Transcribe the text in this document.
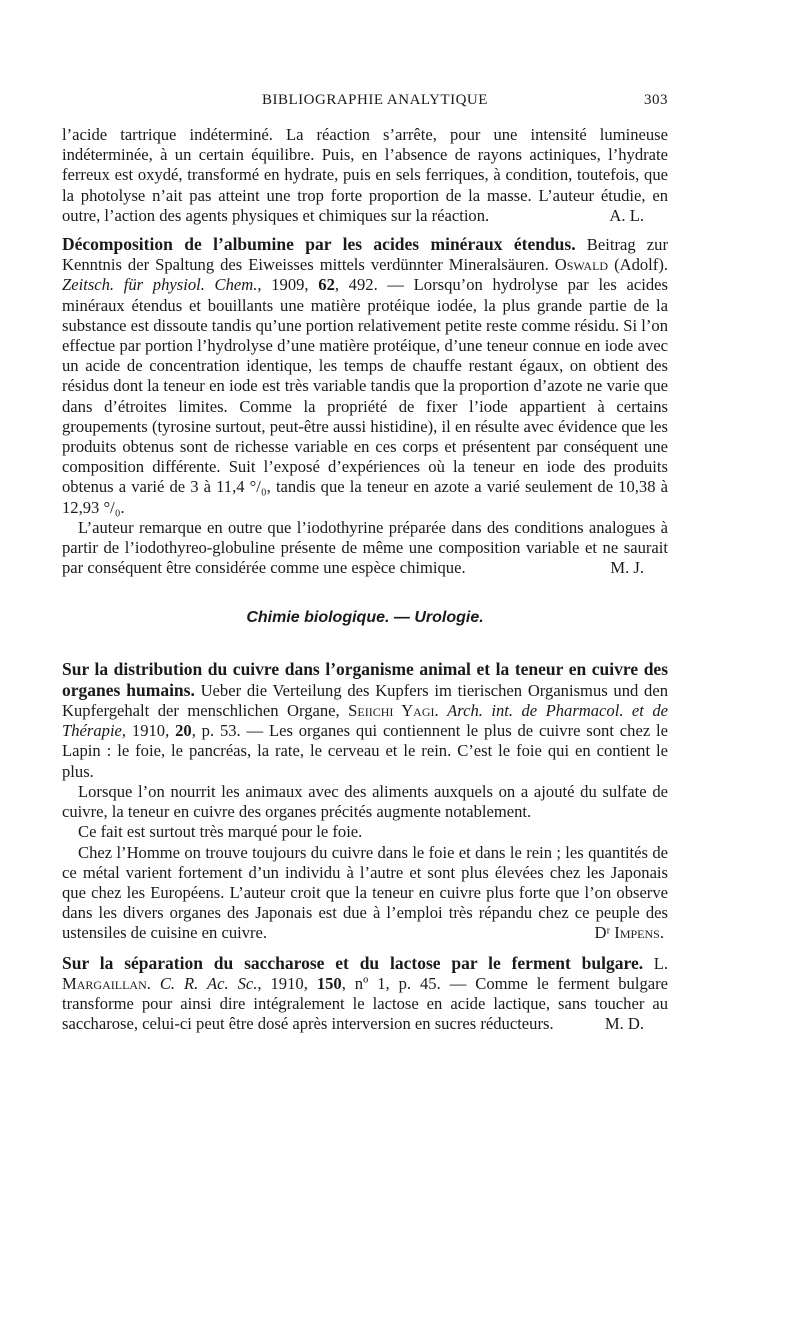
BIBLIOGRAPHIE ANALYTIQUE	303

l’acide tartrique indéterminé. La réaction s’arrête, pour une intensité lumineuse indéterminée, à un certain équilibre. Puis, en l’absence de rayons actiniques, l’hydrate ferreux est oxydé, transformé en hydrate, puis en sels ferriques, à condition, toutefois, que la photolyse n’ait pas atteint une trop forte proportion de la masse. L’auteur étudie, en outre, l’action des agents physiques et chimiques sur la réaction.	A. L.

Décomposition de l’albumine par les acides minéraux étendus. Beitrag zur Kenntnis der Spaltung des Eiweisses mittels verdünnter Mineralsäuren. Oswald (Adolf). Zeitsch. für physiol. Chem., 1909, 62, 492. — Lorsqu’on hydrolyse par les acides minéraux étendus et bouillants une matière protéique iodée, la plus grande partie de la substance est dissoute tandis qu’une portion relativement petite reste comme résidu. Si l’on effectue par portion l’hydrolyse d’une matière protéique, d’une teneur connue en iode avec un acide de concentration identique, les temps de chauffe restant égaux, on obtient des résidus dont la teneur en iode est très variable tandis que la proportion d’azote ne varie que dans d’étroites limites. Comme la propriété de fixer l’iode appartient à certains groupements (tyrosine surtout, peut-être aussi histidine), il en résulte avec évidence que les produits obtenus sont de richesse variable en ces corps et présentent par conséquent une composition différente. Suit l’exposé d’expériences où la teneur en iode des produits obtenus a varié de 3 à 11,4 °/₀, tandis que la teneur en azote a varié seulement de 10,38 à 12,93 °/₀.

L’auteur remarque en outre que l’iodothyrine préparée dans des conditions analogues à partir de l’iodothyreo-globuline présente de même une composition variable et ne saurait par conséquent être considérée comme une espèce chimique.	M. J.

Chimie biologique. — Urologie.

Sur la distribution du cuivre dans l’organisme animal et la teneur en cuivre des organes humains. Ueber die Verteilung des Kupfers im tierischen Organismus und den Kupfergehalt der menschlichen Organe, Seiichi Yagi. Arch. int. de Pharmacol. et de Thérapie, 1910, 20, p. 53. — Les organes qui contiennent le plus de cuivre sont chez le Lapin : le foie, le pancréas, la rate, le cerveau et le rein. C’est le foie qui en contient le plus.

Lorsque l’on nourrit les animaux avec des aliments auxquels on a ajouté du sulfate de cuivre, la teneur en cuivre des organes précités augmente notablement.

Ce fait est surtout très marqué pour le foie.

Chez l’Homme on trouve toujours du cuivre dans le foie et dans le rein ; les quantités de ce métal varient fortement d’un individu à l’autre et sont plus élevées chez les Japonais que chez les Européens. L’auteur croit que la teneur en cuivre plus forte que l’on observe dans les divers organes des Japonais est due à l’emploi très répandu chez ce peuple des ustensiles de cuisine en cuivre.	Dʳ Impens.

Sur la séparation du saccharose et du lactose par le ferment bulgare. L. Margaillan. C. R. Ac. Sc., 1910, 150, nº 1, p. 45. — Comme le ferment bulgare transforme pour ainsi dire intégralement le lactose en acide lactique, sans toucher au saccharose, celui-ci peut être dosé après interversion en sucres réducteurs.	M. D.
